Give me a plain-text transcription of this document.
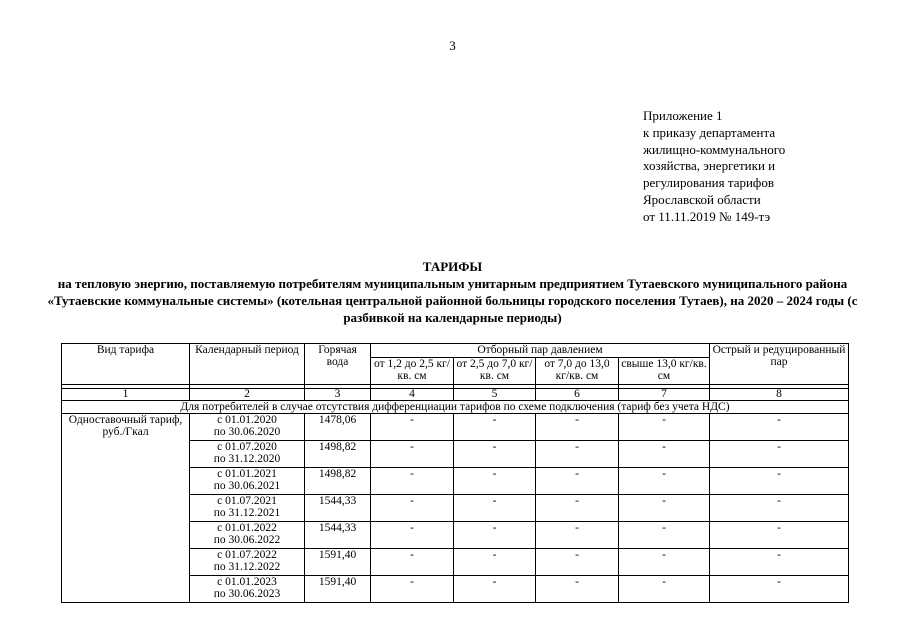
3
Приложение 1
к приказу департамента
жилищно-коммунального
хозяйства, энергетики и
регулирования тарифов
Ярославской области
от 11.11.2019 № 149-тэ
ТАРИФЫ
на тепловую энергию, поставляемую потребителям муниципальным унитарным предприятием Тутаевского муниципального района «Тутаевские коммунальные системы» (котельная центральной районной больницы городского поселения Тутаев), на 2020 – 2024 годы (с разбивкой на календарные периоды)
Вид тарифа	Календарный период	Горячая вода	Отборный пар давлением				Острый и редуцированный пар
			от 1,2 до 2,5 кг/кв. см	от 2,5 до 7,0 кг/кв. см	от 7,0 до 13,0 кг/кв. см	свыше 13,0 кг/кв. см	

1	2	3	4	5	6	7	8
Для потребителей в случае отсутствия дифференциации тарифов по схеме подключения (тариф без учета НДС)							
Одноставочный тариф, руб./Гкал	с 01.01.2020
по 30.06.2020	1478,06	-	-	-	-	-

	с 01.07.2020
по 31.12.2020	1498,82	-	-	-	-	-

	с 01.01.2021
по 30.06.2021	1498,82	-	-	-	-	-

	с 01.07.2021
по 31.12.2021	1544,33	-	-	-	-	-

	с 01.01.2022
по 30.06.2022	1544,33	-	-	-	-	-

	с 01.07.2022
по 31.12.2022	1591,40	-	-	-	-	-

	с 01.01.2023
по 30.06.2023	1591,40	-	-	-	-	-
